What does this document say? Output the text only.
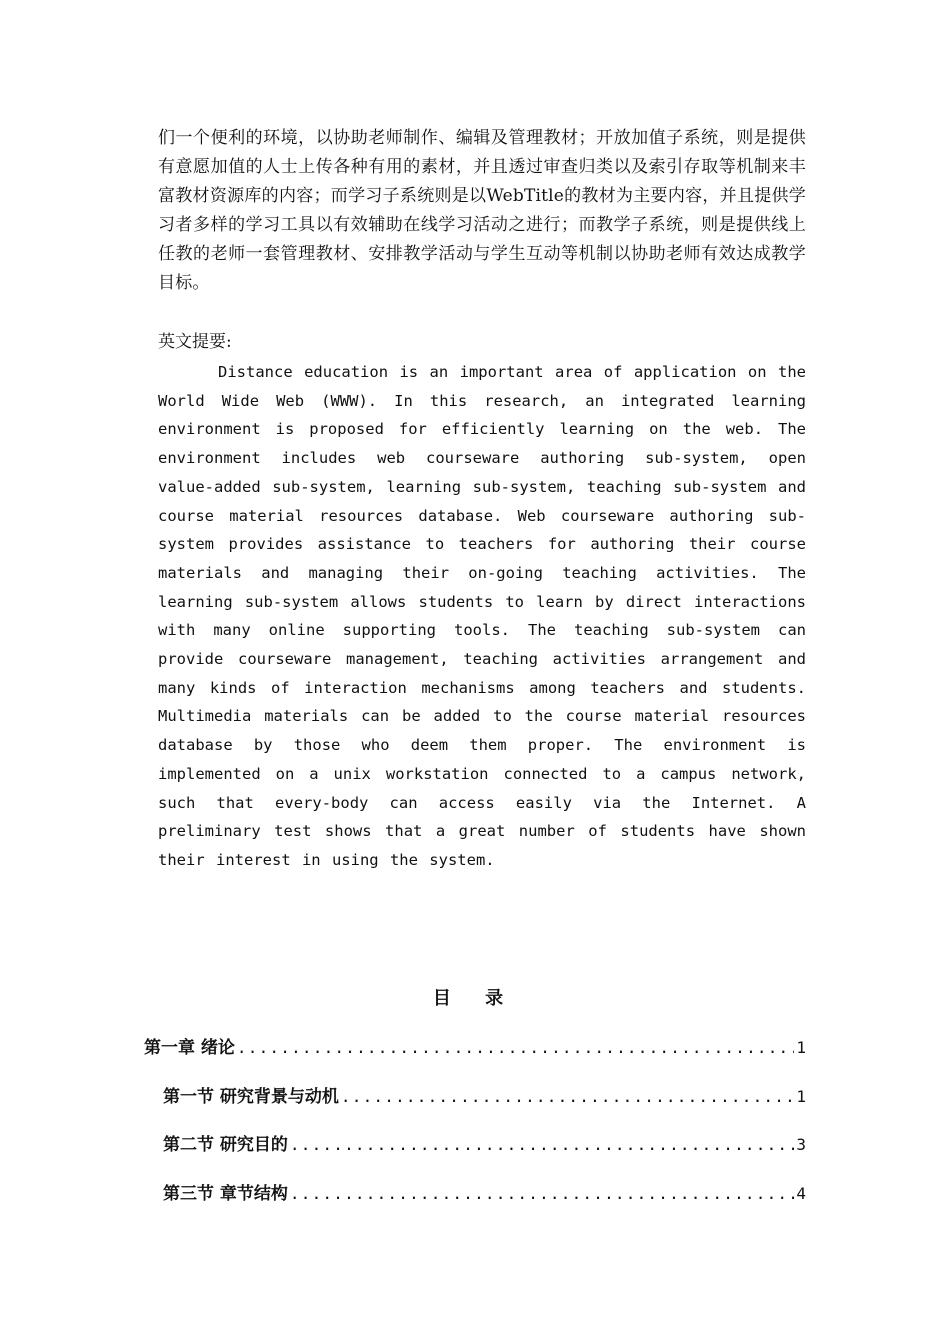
们一个便利的环境，以协助老师制作、编辑及管理教材；开放加值子系统，则是提供有意愿加值的人士上传各种有用的素材，并且透过审查归类以及索引存取等机制来丰富教材资源库的内容；而学习子系统则是以WebTitle的教材为主要内容，并且提供学习者多样的学习工具以有效辅助在线学习活动之进行；而教学子系统，则是提供线上任教的老师一套管理教材、安排教学活动与学生互动等机制以协助老师有效达成教学目标。

英文提要:

Distance education is an important area of application on the World Wide Web (WWW). In this research, an integrated learning environment is proposed for efficiently learning on the web. The environment includes web courseware authoring sub-system, open value-added sub-system, learning sub-system, teaching sub-system and course material resources database. Web courseware authoring sub-system provides assistance to teachers for authoring their course materials and managing their on-going teaching activities. The learning sub-system allows students to learn by direct interactions with many online supporting tools. The teaching sub-system can provide courseware management, teaching activities arrangement and many kinds of interaction mechanisms among teachers and students. Multimedia materials can be added to the course material resources database by those who deem them proper. The environment is implemented on a unix workstation connected to a campus network, such that every-body can access easily via the Internet. A preliminary test shows that a great number of students have shown their interest in using the system.

目 录
第一章 绪论 .....	1
第一节 研究背景与动机 .....	1
第二节 研究目的 .....	3
第三节 章节结构 .....	4
